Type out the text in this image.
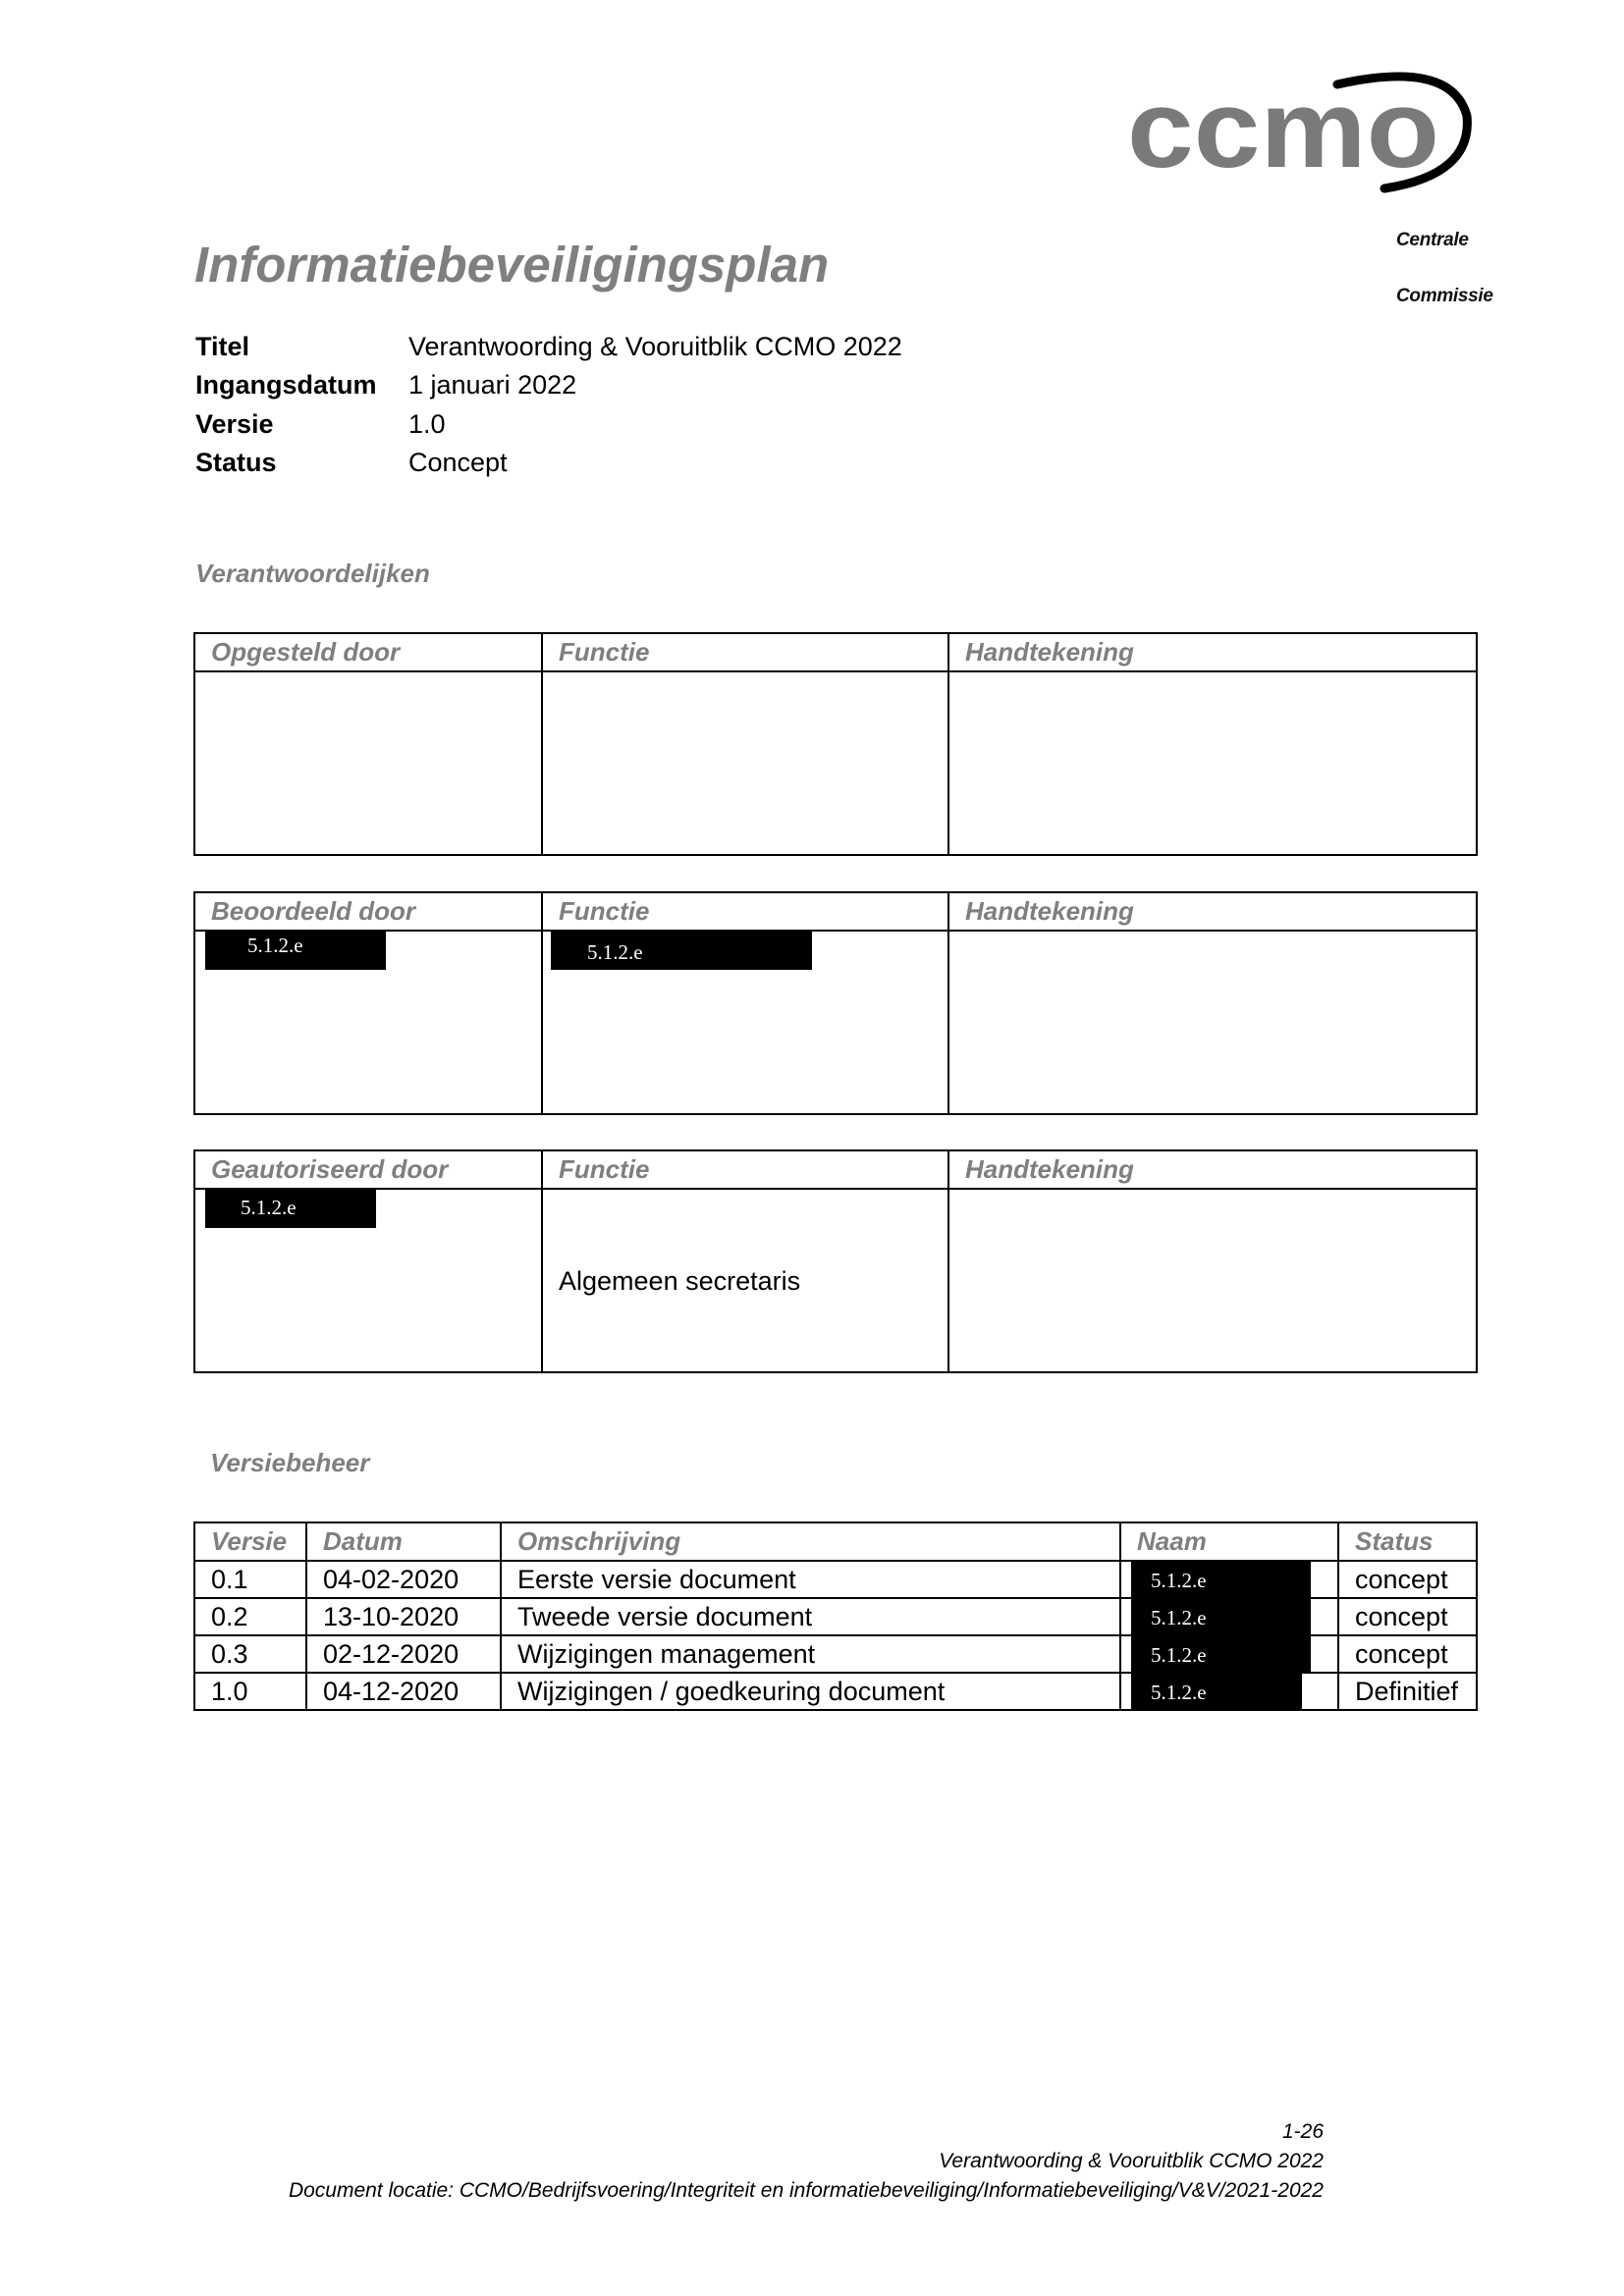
ccmo
Centrale
Commissie
Informatiebeveiligingsplan
Titel	Verantwoording & Vooruitblik CCMO 2022
Ingangsdatum 1 januari 2022
Versie	1.0
Status	Concept
Verantwoordelijken
Opgesteld door	Functie	Handtekening

Beoordeeld door	Functie	Handtekening

5.1.2.e	5.1.2.e	

Geautoriseerd door	Functie	Handtekening

5.1.2.e	Algemeen secretaris	
Versiebeheer
Versie	Datum	Omschrijving	Naam	Status
0.1	04-02-2020	Eerste versie document	5.1.2.e	concept
0.2	13-10-2020	Tweede versie document	5.1.2.e	concept
0.3	02-12-2020	Wijzigingen management	5.1.2.e	concept
1.0	04-12-2020	Wijzigingen / goedkeuring document	5.1.2.e	Definitief
1-26
Verantwoording & Vooruitblik CCMO 2022
Document locatie: CCMO/Bedrijfsvoering/Integriteit en informatiebeveiliging/Informatiebeveiliging/V&V/2021-2022
